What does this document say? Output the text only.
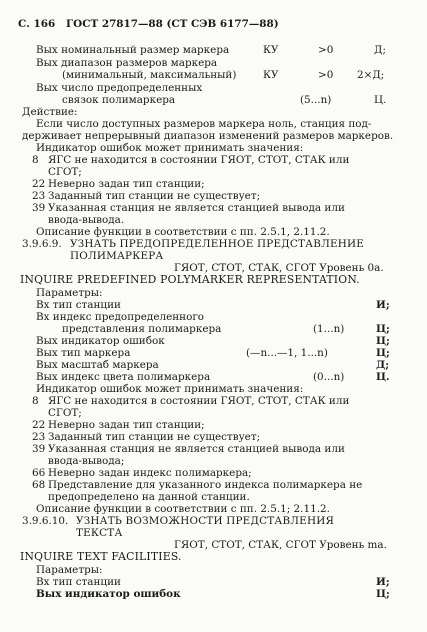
С. 166 ГОСТ 27817—88 (СТ СЭВ 6177—88)
Вых номинальный размер маркера	КУ	>0	Д;
Вых диапазон размеров маркера
(минимальный, максимальный)	КУ	>0 2×Д;
Вых число предопределенных
связок полимаркера	(5...n)	Ц.
Действие:
Если число доступных размеров маркера ноль, станция под-
держивает непрерывный диапазон изменений размеров маркеров.
Индикатор ошибок может принимать значения:
8 ЯГС не находится в состоянии ГЯОТ, СТОТ, СТАК или
СГОТ;
22 Неверно задан тип станции;
23 Заданный тип станции не существует;
39 Указанная станция не является станцией вывода или
ввода-вывода.
Описание функции в соответствии с пп. 2.5.1, 2.11.2.
3.9.6.9. УЗНАТЬ ПРЕДОПРЕДЕЛЕННОЕ ПРЕДСТАВЛЕНИЕ
ПОЛИМАРКЕРА
ГЯОТ, СТОТ, СТАК, СГОТ Уровень 0а.
INQUIRE PREDEFINED POLYMARKER REPRESENTATION.
Параметры:
Вх тип станции	И;
Вх индекс предопределенного
представления полимаркера	(1...n)	Ц;
Вых индикатор ошибок	Ц;
Вых тип маркера	(—n...—1, 1...n)	Ц;
Вых масштаб маркера	Д;
Вых индекс цвета полимаркера	(0...n)	Ц.
Индикатор ошибок может принимать значения:
8 ЯГС не находится в состоянии ГЯОТ, СТОТ, СТАК или
СГОТ;
22 Неверно задан тип станции;
23 Заданный тип станции не существует;
39 Указанная станция не является станцией вывода или
ввода-вывода;
66 Неверно задан индекс полимаркера;
68 Представление для указанного индекса полимаркера не
предопределено на данной станции.
Описание функции в соответствии с пп. 2.5.1; 2.11.2.
3.9.6.10. УЗНАТЬ ВОЗМОЖНОСТИ ПРЕДСТАВЛЕНИЯ
ТЕКСТА
ГЯОТ, СТОТ, СТАК, СГОТ Уровень ma.
INQUIRE TEXT FACILITIES.
Параметры:
Вх тип станции	И;
Вых индикатор ошибок	Ц;
